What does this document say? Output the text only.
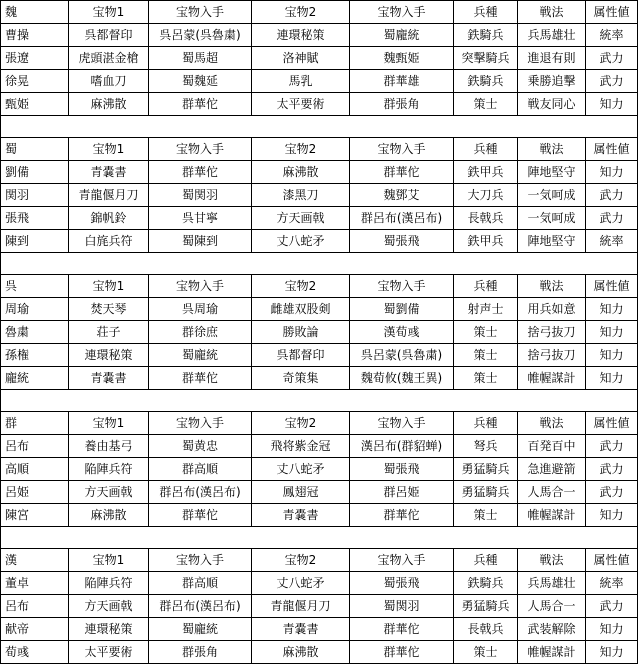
魏	宝物1	宝物入手	宝物2	宝物入手	兵種	戦法	属性値
曹操	呉都督印	呉呂蒙(呉魯粛)	連環秘策	蜀龐統	鉄騎兵	兵馬雄壮	統率
張遼	虎頭湛金槍	蜀馬超	洛神賦	魏甄姫	突撃騎兵	進退有則	武力
徐晃	嗜血刀	蜀魏延	馬乳	群華雄	鉄騎兵	乗勝追撃	武力
甄姫	麻沸散	群華佗	太平要術	群張角	策士	戦友同心	知力

蜀	宝物1	宝物入手	宝物2	宝物入手	兵種	戦法	属性値
劉備	青嚢書	群華佗	麻沸散	群華佗	鉄甲兵	陣地堅守	知力
関羽	青龍偃月刀	蜀関羽	漆黑刀	魏鄧艾	大刀兵	一気呵成	武力
張飛	錦帆鈴	呉甘寧	方天画戟	群呂布(漢呂布)	長戟兵	一気呵成	武力
陳到	白旄兵符	蜀陳到	丈八蛇矛	蜀張飛	鉄甲兵	陣地堅守	統率

呉	宝物1	宝物入手	宝物2	宝物入手	兵種	戦法	属性値
周瑜	焚天琴	呉周瑜	雌雄双股剣	蜀劉備	射声士	用兵如意	知力
魯粛	荘子	群徐庶	勝敗論	漢荀彧	策士	捨弓抜刀	知力
孫権	連環秘策	蜀龐統	呉都督印	呉呂蒙(呉魯粛)	策士	捨弓抜刀	知力
龐統	青嚢書	群華佗	奇策集	魏荀攸(魏王異)	策士	帷幄謀計	知力

群	宝物1	宝物入手	宝物2	宝物入手	兵種	戦法	属性値
呂布	養由基弓	蜀黄忠	飛将紫金冠	漢呂布(群貂蝉)	弩兵	百発百中	武力
高順	陥陣兵符	群高順	丈八蛇矛	蜀張飛	勇猛騎兵	急進避箭	武力
呂姫	方天画戟	群呂布(漢呂布)	鳳翅冠	群呂姫	勇猛騎兵	人馬合一	武力
陳宮	麻沸散	群華佗	青嚢書	群華佗	策士	帷幄謀計	知力

漢	宝物1	宝物入手	宝物2	宝物入手	兵種	戦法	属性値
董卓	陥陣兵符	群高順	丈八蛇矛	蜀張飛	鉄騎兵	兵馬雄壮	統率
呂布	方天画戟	群呂布(漢呂布)	青龍偃月刀	蜀関羽	勇猛騎兵	人馬合一	武力
献帝	連環秘策	蜀龐統	青嚢書	群華佗	長戟兵	武装解除	知力
荀彧	太平要術	群張角	麻沸散	群華佗	策士	帷幄謀計	知力
